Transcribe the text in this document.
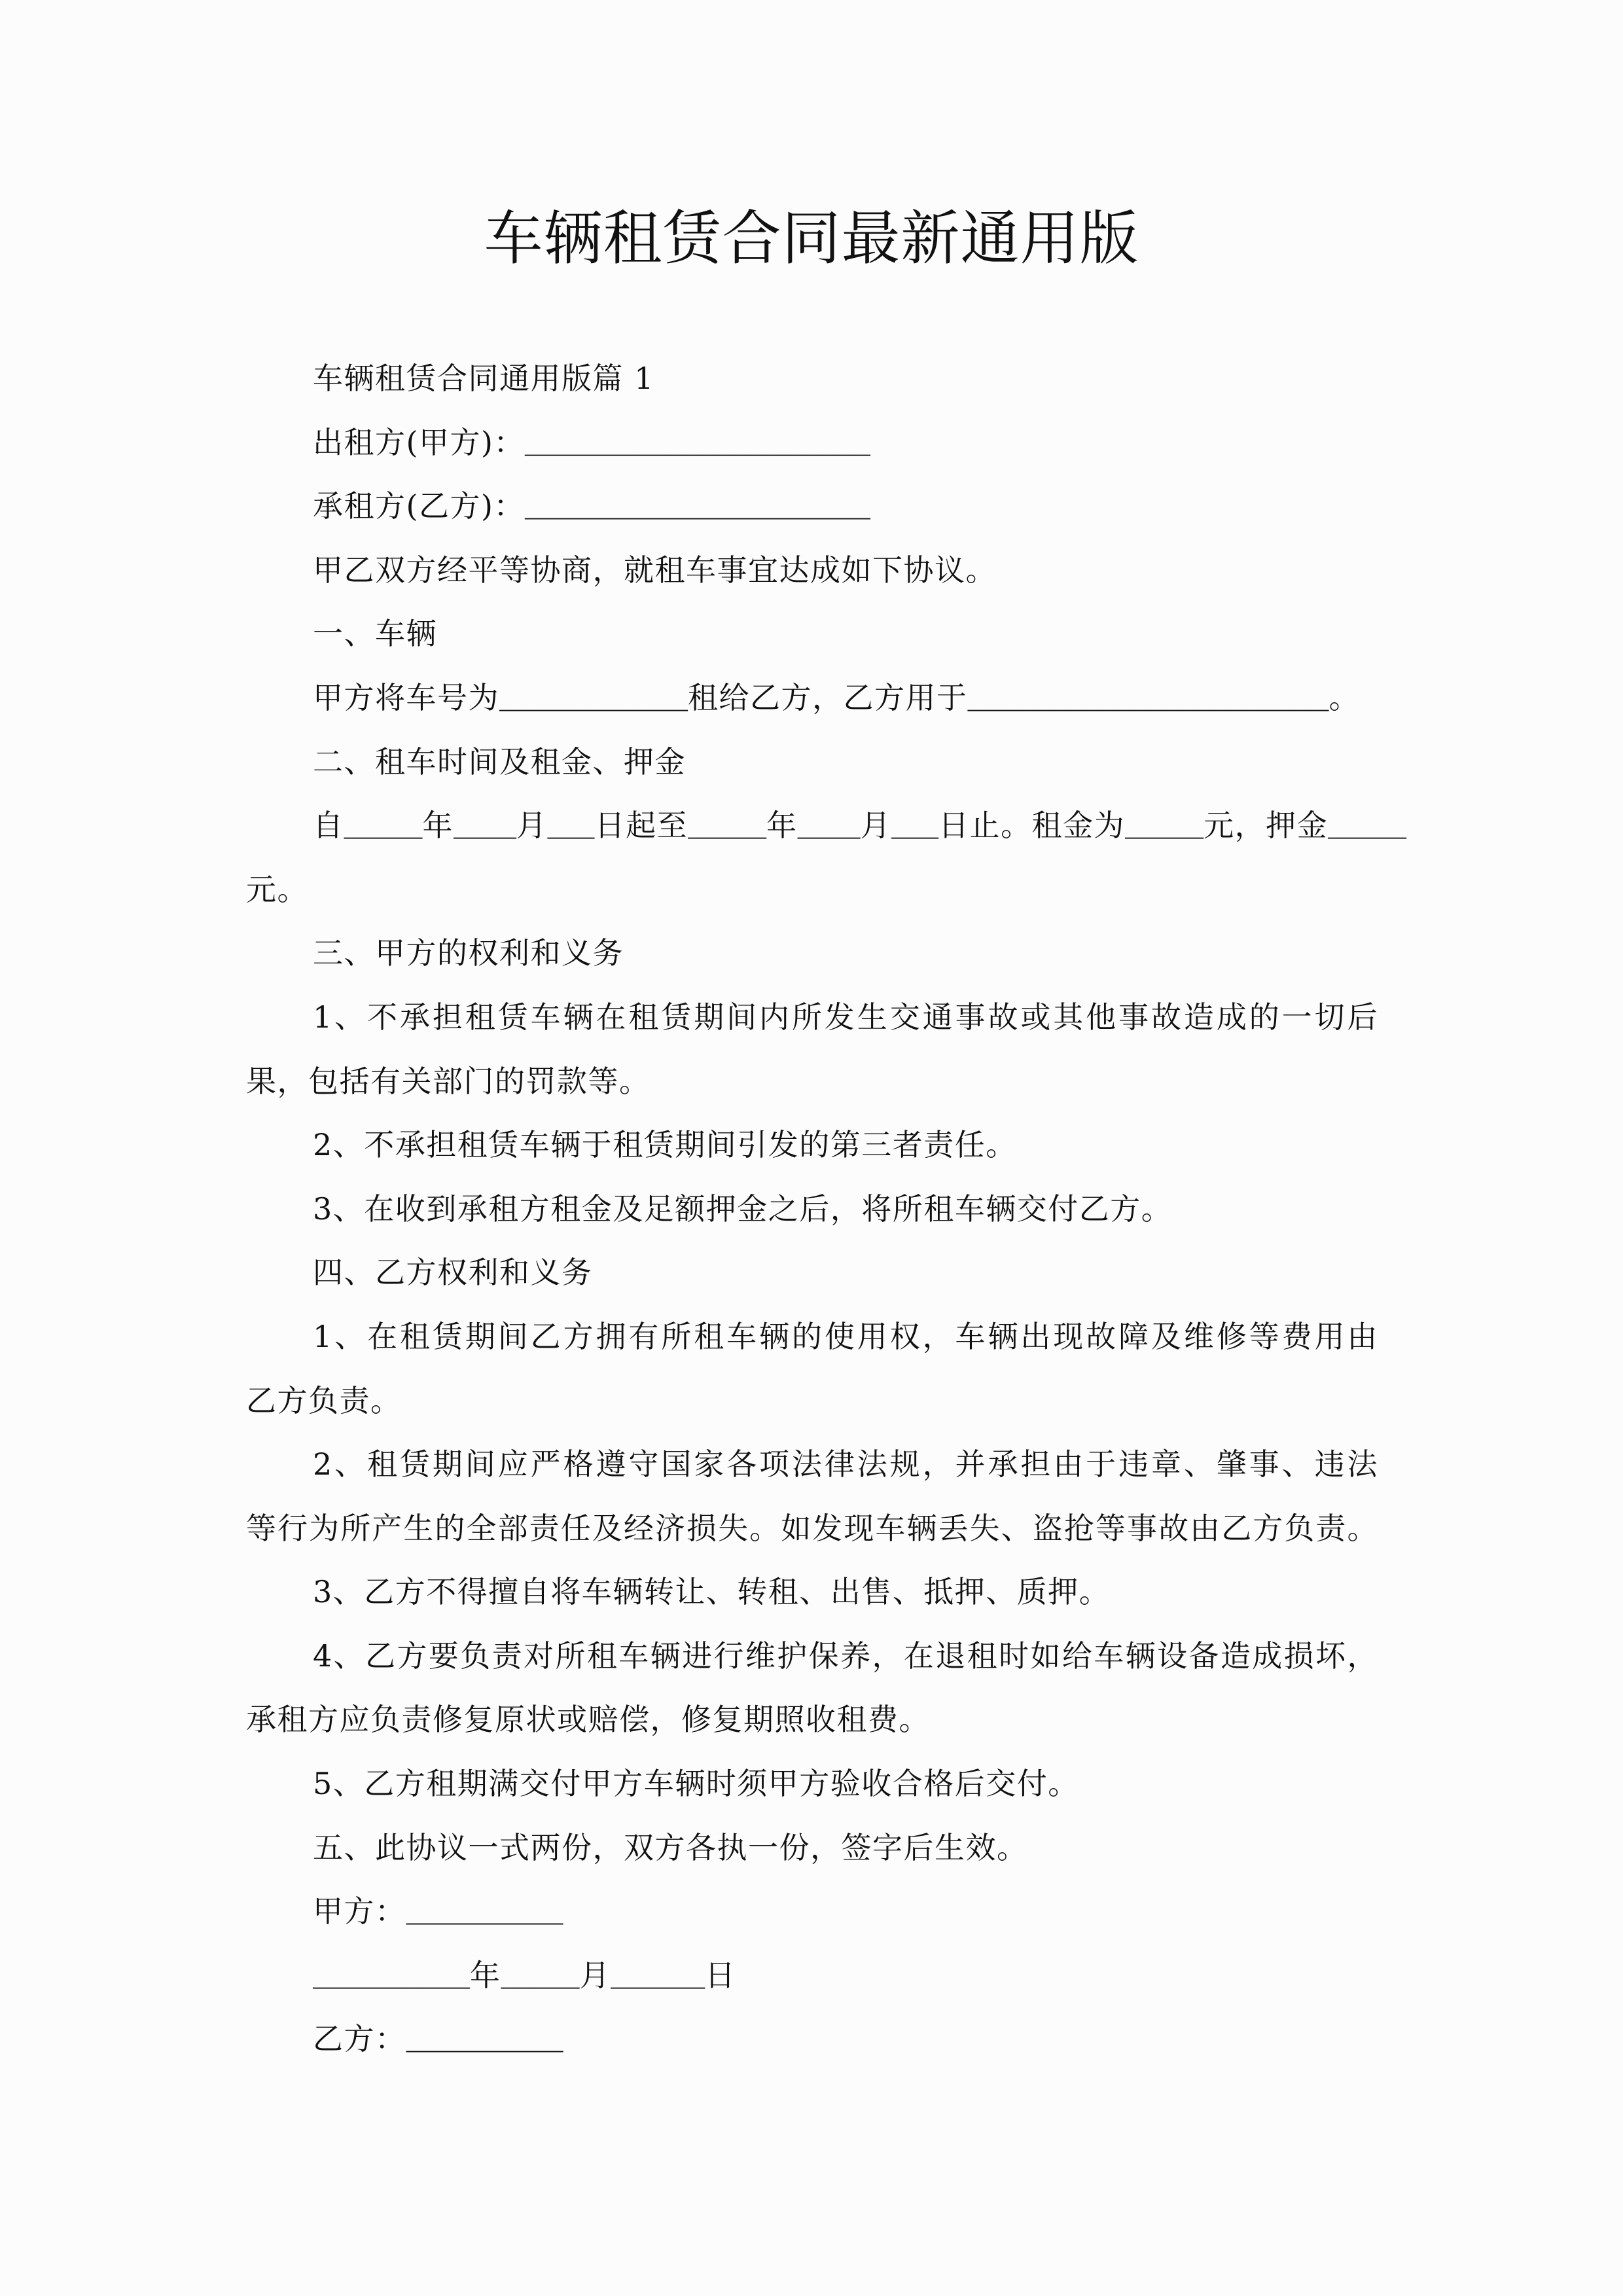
车辆租赁合同最新通用版
车辆租赁合同通用版篇 1
出租方(甲方)：______________________
承租方(乙方)：______________________
甲乙双方经平等协商，就租车事宜达成如下协议。
一、车辆
甲方将车号为____________租给乙方，乙方用于_______________________。
二、租车时间及租金、押金
自_____年____月___日起至_____年____月___日止。租金为_____元，押金_____
元。
三、甲方的权利和义务
1、不承担租赁车辆在租赁期间内所发生交通事故或其他事故造成的一切后
果，包括有关部门的罚款等。
2、不承担租赁车辆于租赁期间引发的第三者责任。
3、在收到承租方租金及足额押金之后，将所租车辆交付乙方。
四、乙方权利和义务
1、在租赁期间乙方拥有所租车辆的使用权，车辆出现故障及维修等费用由
乙方负责。
2、租赁期间应严格遵守国家各项法律法规，并承担由于违章、肇事、违法
等行为所产生的全部责任及经济损失。如发现车辆丢失、盗抢等事故由乙方负责。
3、乙方不得擅自将车辆转让、转租、出售、抵押、质押。
4、乙方要负责对所租车辆进行维护保养，在退租时如给车辆设备造成损坏，
承租方应负责修复原状或赔偿，修复期照收租费。
5、乙方租期满交付甲方车辆时须甲方验收合格后交付。
五、此协议一式两份，双方各执一份，签字后生效。
甲方：__________
__________年_____月______日
乙方：__________
